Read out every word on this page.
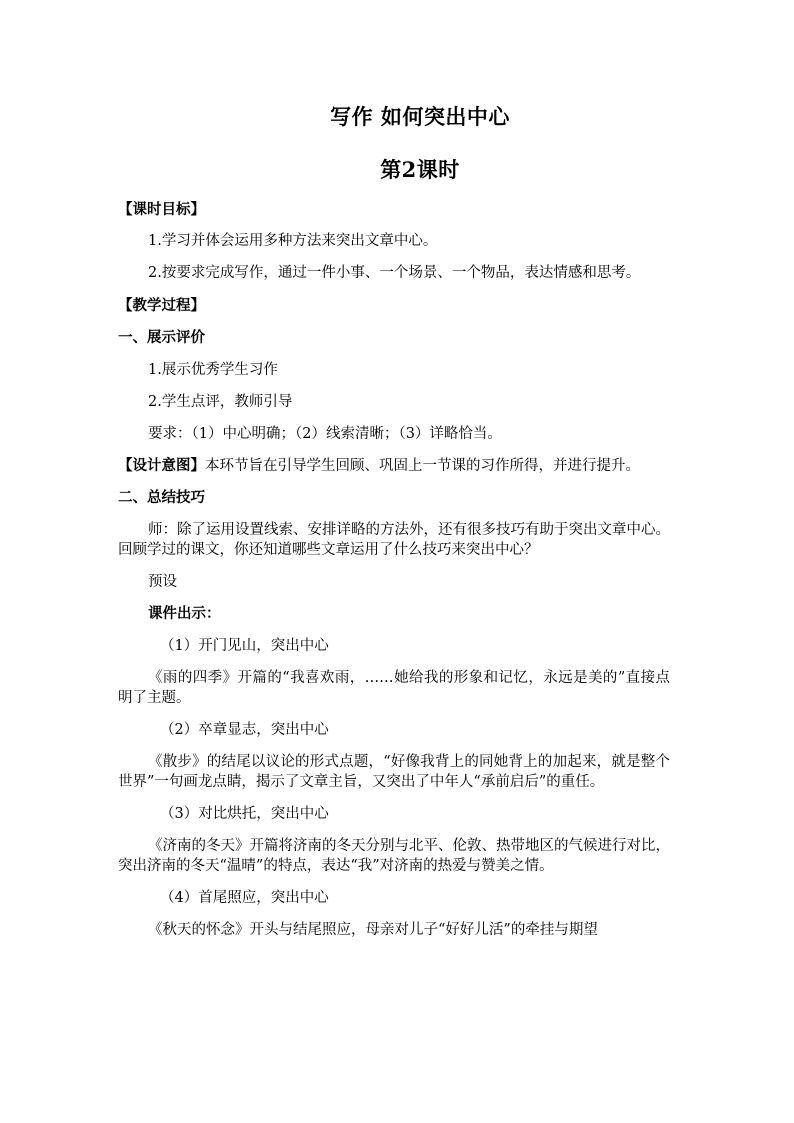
写作 如何突出中心
第2课时

【课时目标】

1.学习并体会运用多种方法来突出文章中心。

2.按要求完成写作，通过一件小事、一个场景、一个物品，表达情感和思考。

【教学过程】

一、展示评价

1.展示优秀学生习作

2.学生点评，教师引导

要求：（1）中心明确；（2）线索清晰；（3）详略恰当。

【设计意图】本环节旨在引导学生回顾、巩固上一节课的习作所得，并进行提升。

二、总结技巧

师：除了运用设置线索、安排详略的方法外，还有很多技巧有助于突出文章中心。回顾学过的课文，你还知道哪些文章运用了什么技巧来突出中心？

预设

课件出示：

（1）开门见山，突出中心

《雨的四季》开篇的“我喜欢雨，……她给我的形象和记忆，永远是美的”直接点明了主题。

（2）卒章显志，突出中心

《散步》的结尾以议论的形式点题，“好像我背上的同她背上的加起来，就是整个世界”一句画龙点睛，揭示了文章主旨，又突出了中年人“承前启后”的重任。

（3）对比烘托，突出中心

《济南的冬天》开篇将济南的冬天分别与北平、伦敦、热带地区的气候进行对比，突出济南的冬天“温晴”的特点，表达“我”对济南的热爱与赞美之情。

（4）首尾照应，突出中心

《秋天的怀念》开头与结尾照应，母亲对儿子“好好儿活”的牵挂与期望
